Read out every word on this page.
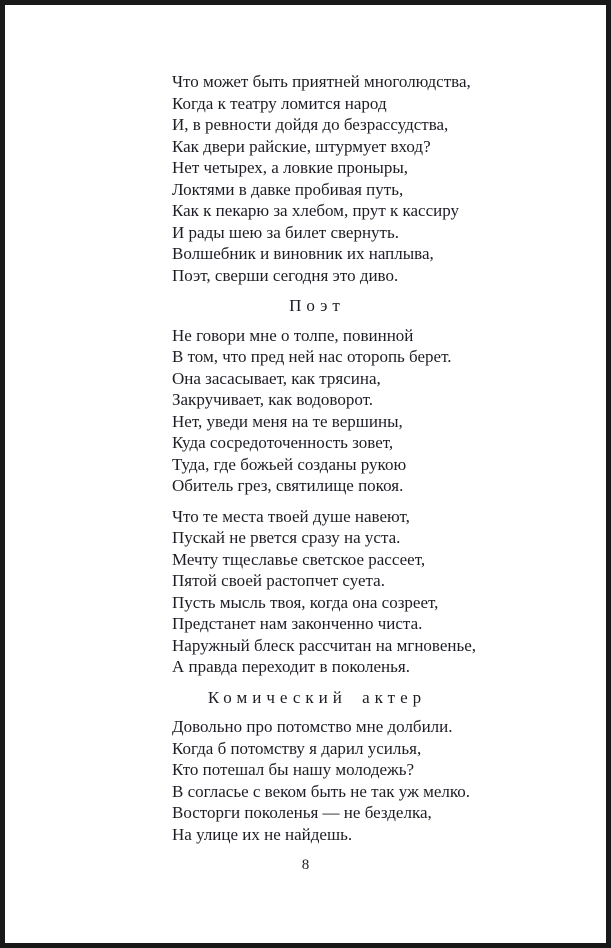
Что может быть приятней многолюдства,
Когда к театру ломится народ
И, в ревности дойдя до безрассудства,
Как двери райские, штурмует вход?
Нет четырех, а ловкие проныры,
Локтями в давке пробивая путь,
Как к пекарю за хлебом, прут к кассиру
И рады шею за билет свернуть.
Волшебник и виновник их наплыва,
Поэт, сверши сегодня это диво.
Поэт
Не говори мне о толпе, повинной
В том, что пред ней нас оторопь берет.
Она засасывает, как трясина,
Закручивает, как водоворот.
Нет, уведи меня на те вершины,
Куда сосредоточенность зовет,
Туда, где божьей созданы рукою
Обитель грез, святилище покоя.
Что те места твоей душе навеют,
Пускай не рвется сразу на уста.
Мечту тщеславье светское рассеет,
Пятой своей растопчет суета.
Пусть мысль твоя, когда она созреет,
Предстанет нам законченно чиста.
Наружный блеск рассчитан на мгновенье,
А правда переходит в поколенья.
Комический актер
Довольно про потомство мне долбили.
Когда б потомству я дарил усилья,
Кто потешал бы нашу молодежь?
В согласье с веком быть не так уж мелко.
Восторги поколенья — не безделка,
На улице их не найдешь.
8
